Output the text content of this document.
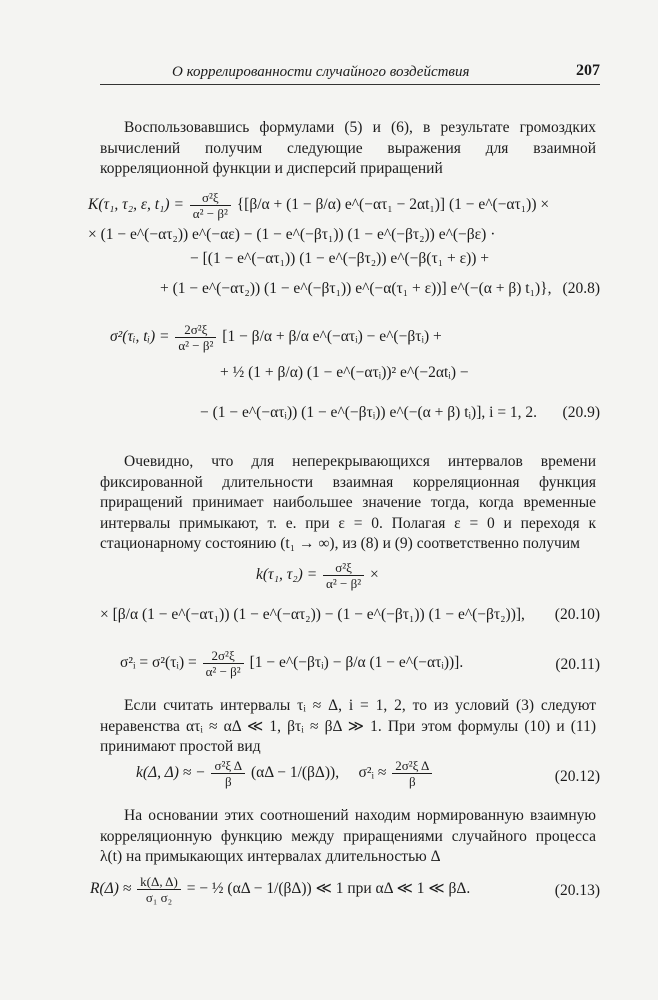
О коррелированности случайного воздействия	207

Воспользовавшись формулами (5) и (6), в результате громоздких вычислений получим следующие выражения для взаимной корреляционной функции и дисперсий приращений

K(τ₁, τ₂, ε, $t_1) = \frac{\text{σ²ξ}}{\text{α² − β²}} \{[\beta/\alpha + (1 - \beta/\alpha)$ e^(−ατ₁ − 2αt₁)] (1 − e^(−ατ₁)) ×
× (1 − e^(−ατ₂)) e^(−αε) − (1 − e^(−βτ₁)) (1 − e^(−βτ₂)) e^(−βε) ·
− [(1 − e^(−ατ₁)) (1 − e^(−βτ₂)) e^(−β(τ₁ + ε)) +
+ (1 − e^(−ατ₂)) (1 − e^(−βτ₁)) e^(−α(τ₁ + ε))] e^(−(α + β) t₁)}, (20.8)
σ²(τᵢ, tᵢ) = $\frac{\text{2σ²ξ}}{\text{α² − β²}} [1 - \beta/\alpha + \beta/\alpha$ e^(−ατᵢ) − e^(−βτᵢ) +
+ ½ (1 + β/α) (1 − e^(−ατᵢ))² e^(−2αtᵢ) −
− (1 − e^(−ατᵢ)) (1 − e^(−βτᵢ)) e^(−(α + β) tᵢ)], i = 1, 2. (20.9)

Очевидно, что для неперекрывающихся интервалов времени фиксированной длительности взаимная корреляционная функция приращений принимает наибольшее значение тогда, когда временные интервалы примыкают, т. е. при ε = 0. Полагая ε = 0 и переходя к стационарному состоянию (t₁ → ∞), из (8) и (9) соответственно получим

k(τ₁, $\tau_2) = \frac{\text{σ²ξ}}{\text{α² − β²}}$ ×
× [β/α (1 − e^(−ατ₁)) (1 − e^(−ατ₂)) − (1 − e^(−βτ₁)) (1 − e^(−βτ₂))], (20.10)
σ²ᵢ = σ²(τᵢ) = $\frac{\text{2σ²ξ}}{\text{α² − β²}} [1$ − e^(−βτᵢ) − β/α (1 − e^(−ατᵢ))].	(20.11)

Если считать интервалы τᵢ ≈ Δ, i = 1, 2, то из условий (3) следуют неравенства ατᵢ ≈ αΔ ≪ 1, βτᵢ ≈ βΔ ≫ 1. При этом формулы (10) и (11) принимают простой вид

k(Δ, Δ) ≈ − $\frac{\text{σ²ξ Δ}}{\beta} (\alpha\Delta - 1/(\beta\Delta))$, σ²ᵢ ≈ $\frac{\text{2σ²ξ Δ}}{\beta}$	(20.12)

На основании этих соотношений находим нормированную взаимную корреляционную функцию между приращениями случайного процесса λ(t) на примыкающих интервалах длительностью Δ

$R(\Delta) \approx \frac{k(\Delta, \Delta)}{\text{σ₁ σ₂}}$ = − ½ (αΔ − 1/(βΔ)) ≪ 1 при αΔ ≪ 1 ≪ βΔ.	(20.13)
